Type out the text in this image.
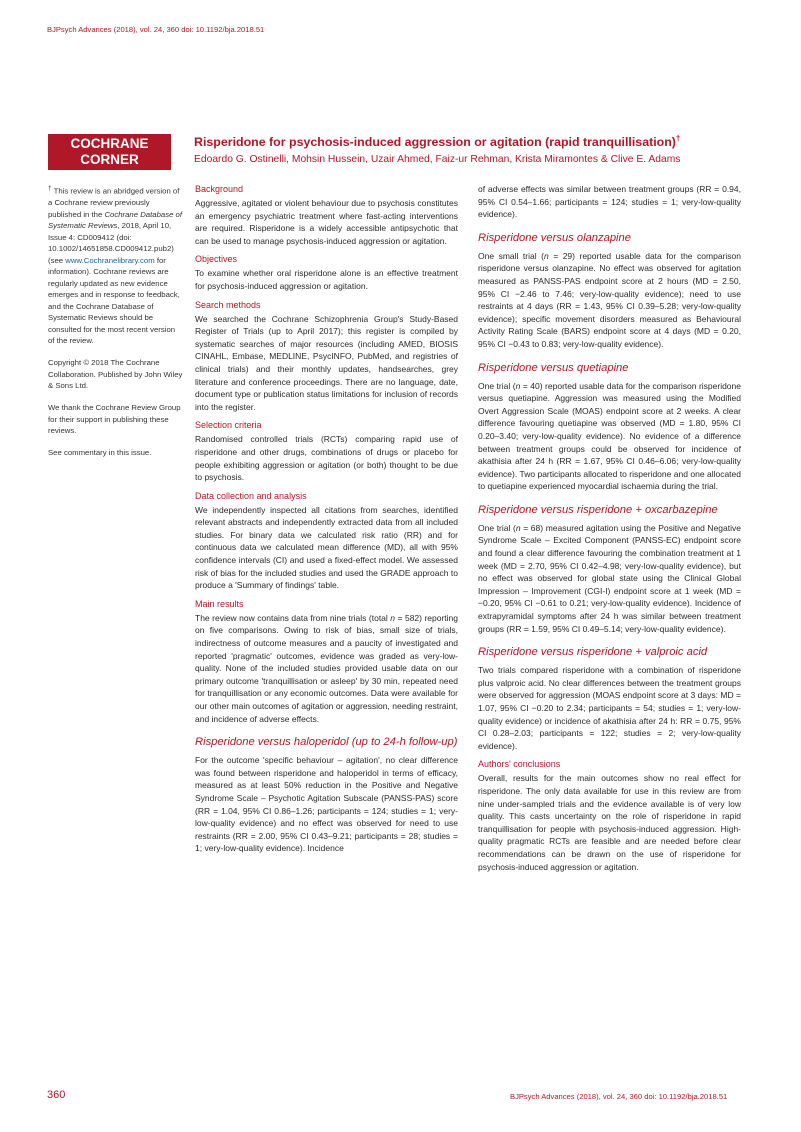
BJPsych Advances (2018), vol. 24, 360 doi: 10.1192/bja.2018.51
COCHRANE
CORNER
Risperidone for psychosis-induced aggression or agitation (rapid tranquillisation)†
Edoardo G. Ostinelli, Mohsin Hussein, Uzair Ahmed, Faiz-ur Rehman, Krista Miramontes & Clive E. Adams

† This review is an abridged version of a Cochrane review previously published in the Cochrane Database of Systematic Reviews, 2018, April 10, Issue 4: CD009412 (doi: 10.1002/14651858.CD009412.pub2) (see www.Cochranelibrary.com for information). Cochrane reviews are regularly updated as new evidence emerges and in response to feedback, and the Cochrane Database of Systematic Reviews should be consulted for the most recent version of the review.

Copyright © 2018 The Cochrane Collaboration. Published by John Wiley & Sons Ltd.

We thank the Cochrane Review Group for their support in publishing these reviews.

See commentary in this issue.

Background

Aggressive, agitated or violent behaviour due to psychosis constitutes an emergency psychiatric treatment where fast-acting interventions are required. Risperidone is a widely accessible antipsychotic that can be used to manage psychosis-induced aggression or agitation.

Objectives

To examine whether oral risperidone alone is an effective treatment for psychosis-induced aggression or agitation.

Search methods

We searched the Cochrane Schizophrenia Group's Study-Based Register of Trials (up to April 2017); this register is compiled by systematic searches of major resources (including AMED, BIOSIS CINAHL, Embase, MEDLINE, PsycINFO, PubMed, and registries of clinical trials) and their monthly updates, handsearches, grey literature and conference proceedings. There are no language, date, document type or publication status limitations for inclusion of records into the register.

Selection criteria

Randomised controlled trials (RCTs) comparing rapid use of risperidone and other drugs, combinations of drugs or placebo for people exhibiting aggression or agitation (or both) thought to be due to psychosis.

Data collection and analysis

We independently inspected all citations from searches, identified relevant abstracts and independently extracted data from all included studies. For binary data we calculated risk ratio (RR) and for continuous data we calculated mean difference (MD), all with 95% confidence intervals (CI) and used a fixed-effect model. We assessed risk of bias for the included studies and used the GRADE approach to produce a 'Summary of findings' table.

Main results

The review now contains data from nine trials (total n = 582) reporting on five comparisons. Owing to risk of bias, small size of trials, indirectness of outcome measures and a paucity of investigated and reported 'pragmatic' outcomes, evidence was graded as very-low-quality. None of the included studies provided usable data on our primary outcome 'tranquillisation or asleep' by 30 min, repeated need for tranquillisation or any economic outcomes. Data were available for our other main outcomes of agitation or aggression, needing restraint, and incidence of adverse effects.

Risperidone versus haloperidol (up to 24-h follow-up)

For the outcome 'specific behaviour – agitation', no clear difference was found between risperidone and haloperidol in terms of efficacy, measured as at least 50% reduction in the Positive and Negative Syndrome Scale – Psychotic Agitation Subscale (PANSS-PAS) score (RR = 1.04, 95% CI 0.86–1.26; participants = 124; studies = 1; very-low-quality evidence) and no effect was observed for need to use restraints (RR = 2.00, 95% CI 0.43–9.21; participants = 28; studies = 1; very-low-quality evidence). Incidence

of adverse effects was similar between treatment groups (RR = 0.94, 95% CI 0.54–1.66; participants = 124; studies = 1; very-low-quality evidence).

Risperidone versus olanzapine

One small trial (n = 29) reported usable data for the comparison risperidone versus olanzapine. No effect was observed for agitation measured as PANSS-PAS endpoint score at 2 hours (MD = 2.50, 95% CI −2.46 to 7.46; very-low-quality evidence); need to use restraints at 4 days (RR = 1.43, 95% CI 0.39–5.28; very-low-quality evidence); specific movement disorders measured as Behavioural Activity Rating Scale (BARS) endpoint score at 4 days (MD = 0.20, 95% CI −0.43 to 0.83; very-low-quality evidence).

Risperidone versus quetiapine

One trial (n = 40) reported usable data for the comparison risperidone versus quetiapine. Aggression was measured using the Modified Overt Aggression Scale (MOAS) endpoint score at 2 weeks. A clear difference favouring quetiapine was observed (MD = 1.80, 95% CI 0.20–3.40; very-low-quality evidence). No evidence of a difference between treatment groups could be observed for incidence of akathisia after 24 h (RR = 1.67, 95% CI 0.46–6.06; very-low-quality evidence). Two participants allocated to risperidone and one allocated to quetiapine experienced myocardial ischaemia during the trial.

Risperidone versus risperidone + oxcarbazepine

One trial (n = 68) measured agitation using the Positive and Negative Syndrome Scale – Excited Component (PANSS-EC) endpoint score and found a clear difference favouring the combination treatment at 1 week (MD = 2.70, 95% CI 0.42–4.98; very-low-quality evidence), but no effect was observed for global state using the Clinical Global Impression – Improvement (CGI-I) endpoint score at 1 week (MD = −0.20, 95% CI −0.61 to 0.21; very-low-quality evidence). Incidence of extrapyramidal symptoms after 24 h was similar between treatment groups (RR = 1.59, 95% CI 0.49–5.14; very-low-quality evidence).

Risperidone versus risperidone + valproic acid

Two trials compared risperidone with a combination of risperidone plus valproic acid. No clear differences between the treatment groups were observed for aggression (MOAS endpoint score at 3 days: MD = 1.07, 95% CI −0.20 to 2.34; participants = 54; studies = 1; very-low-quality evidence) or incidence of akathisia after 24 h: RR = 0.75, 95% CI 0.28–2.03; participants = 122; studies = 2; very-low-quality evidence).

Authors' conclusions

Overall, results for the main outcomes show no real effect for risperidone. The only data available for use in this review are from nine under-sampled trials and the evidence available is of very low quality. This casts uncertainty on the role of risperidone in rapid tranquillisation for people with psychosis-induced aggression. High-quality pragmatic RCTs are feasible and are needed before clear recommendations can be drawn on the use of risperidone for psychosis-induced aggression or agitation.

360	BJPsych Advances (2018), vol. 24, 360 doi: 10.1192/bja.2018.51
